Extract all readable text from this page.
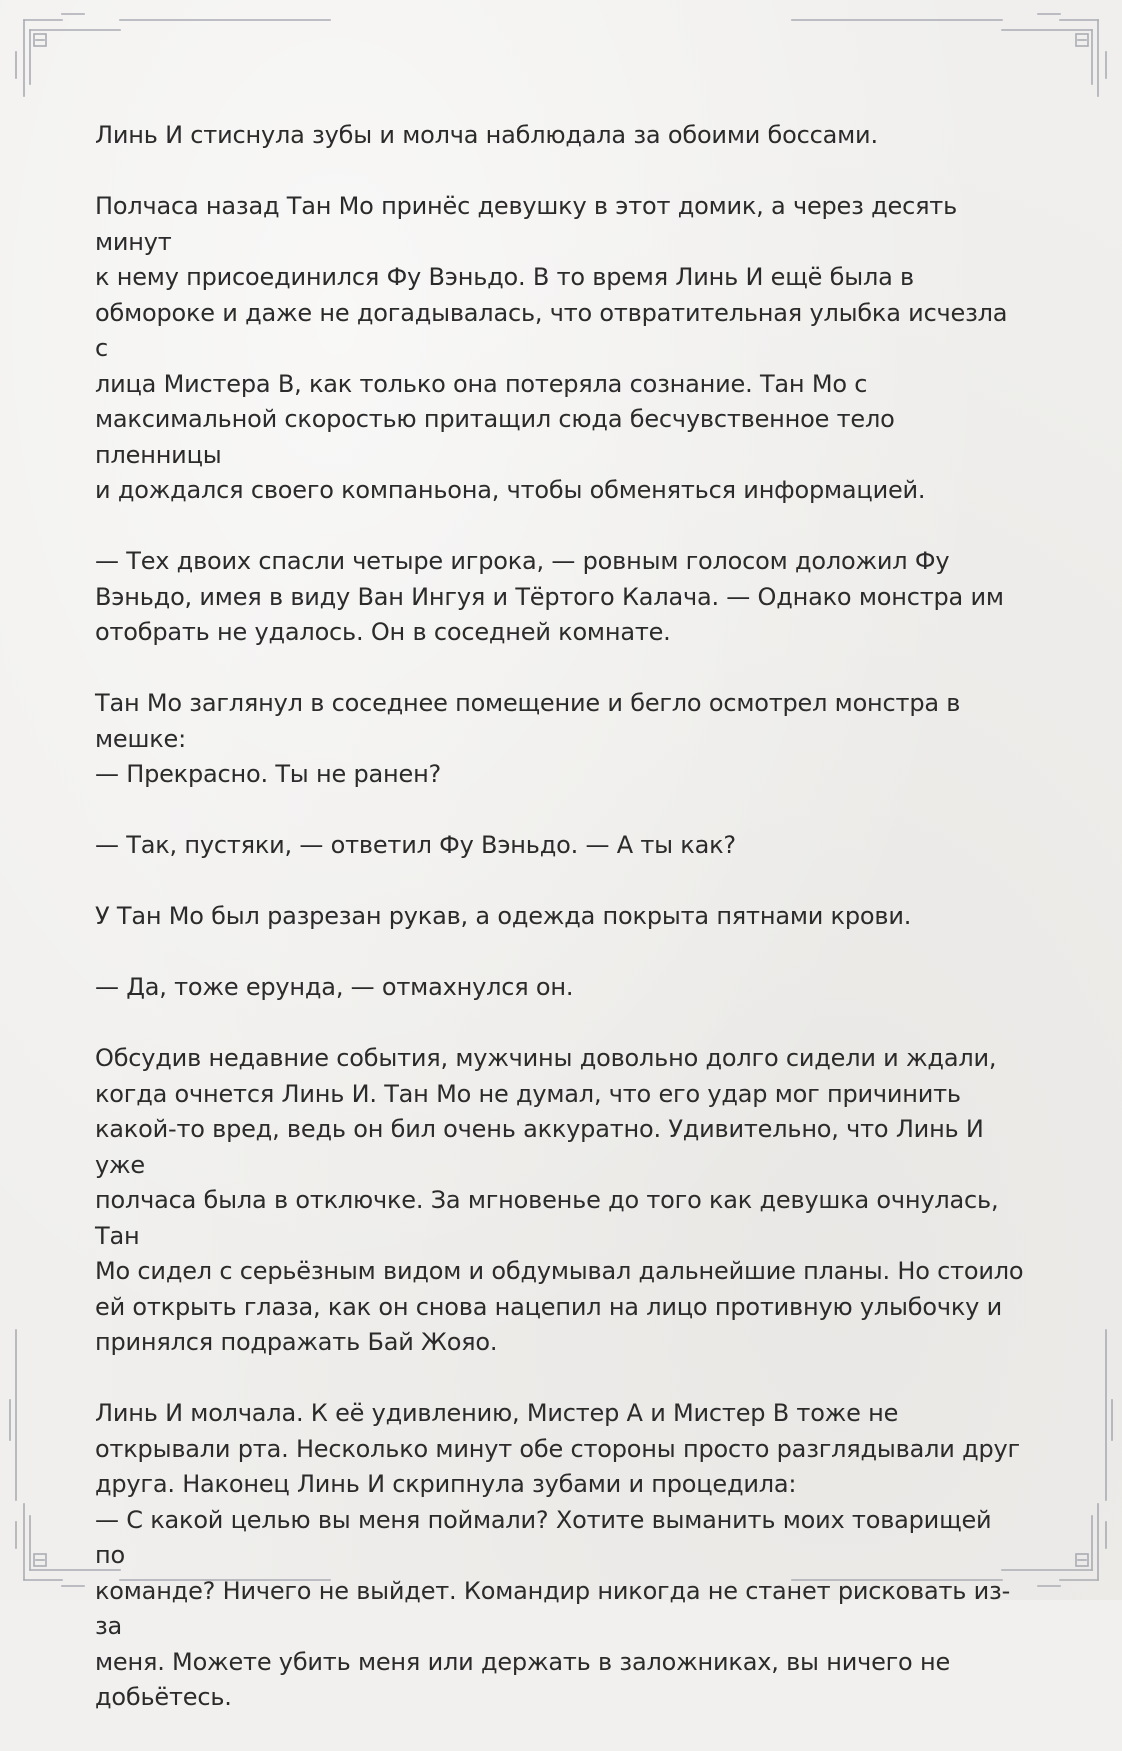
Линь И стиснула зубы и молча наблюдала за обоими боссами.

Полчаса назад Тан Мо принёс девушку в этот домик, а через десять минут
к нему присоединился Фу Вэньдо. В то время Линь И ещё была в
обмороке и даже не догадывалась, что отвратительная улыбка исчезла с
лица Мистера В, как только она потеряла сознание. Тан Мо с
максимальной скоростью притащил сюда бесчувственное тело пленницы
и дождался своего компаньона, чтобы обменяться информацией.

— Тех двоих спасли четыре игрока, — ровным голосом доложил Фу
Вэньдо, имея в виду Ван Ингуя и Тёртого Калача. — Однако монстра им
отобрать не удалось. Он в соседней комнате.

Тан Мо заглянул в соседнее помещение и бегло осмотрел монстра в
мешке:
— Прекрасно. Ты не ранен?

— Так, пустяки, — ответил Фу Вэньдо. — А ты как?

У Тан Мо был разрезан рукав, а одежда покрыта пятнами крови.

— Да, тоже ерунда, — отмахнулся он.

Обсудив недавние события, мужчины довольно долго сидели и ждали,
когда очнется Линь И. Тан Мо не думал, что его удар мог причинить
какой-то вред, ведь он бил очень аккуратно. Удивительно, что Линь И уже
полчаса была в отключке. За мгновенье до того как девушка очнулась, Тан
Мо сидел с серьёзным видом и обдумывал дальнейшие планы. Но стоило
ей открыть глаза, как он снова нацепил на лицо противную улыбочку и
принялся подражать Бай Жояо.

Линь И молчала. К её удивлению, Мистер А и Мистер В тоже не
открывали рта. Несколько минут обе стороны просто разглядывали друг
друга. Наконец Линь И скрипнула зубами и процедила:
— С какой целью вы меня поймали? Хотите выманить моих товарищей по
команде? Ничего не выйдет. Командир никогда не станет рисковать из-за
меня. Можете убить меня или держать в заложниках, вы ничего не
добьётесь.
